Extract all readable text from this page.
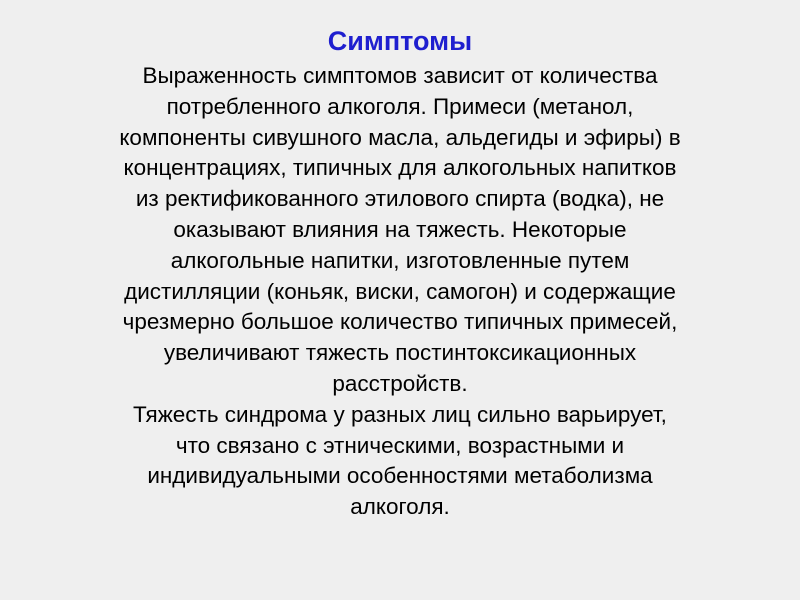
Симптомы
Выраженность симптомов зависит от количества
потребленного алкоголя. Примеси (метанол,
компоненты сивушного масла, альдегиды и эфиры) в
концентрациях, типичных для алкогольных напитков
из ректификованного этилового спирта (водка), не
оказывают влияния на тяжесть. Некоторые
алкогольные напитки, изготовленные путем
дистилляции (коньяк, виски, самогон) и содержащие
чрезмерно большое количество типичных примесей,
увеличивают тяжесть постинтоксикационных
расстройств.
Тяжесть синдрома у разных лиц сильно варьирует,
что связано с этническими, возрастными и
индивидуальными особенностями метаболизма
алкоголя.
